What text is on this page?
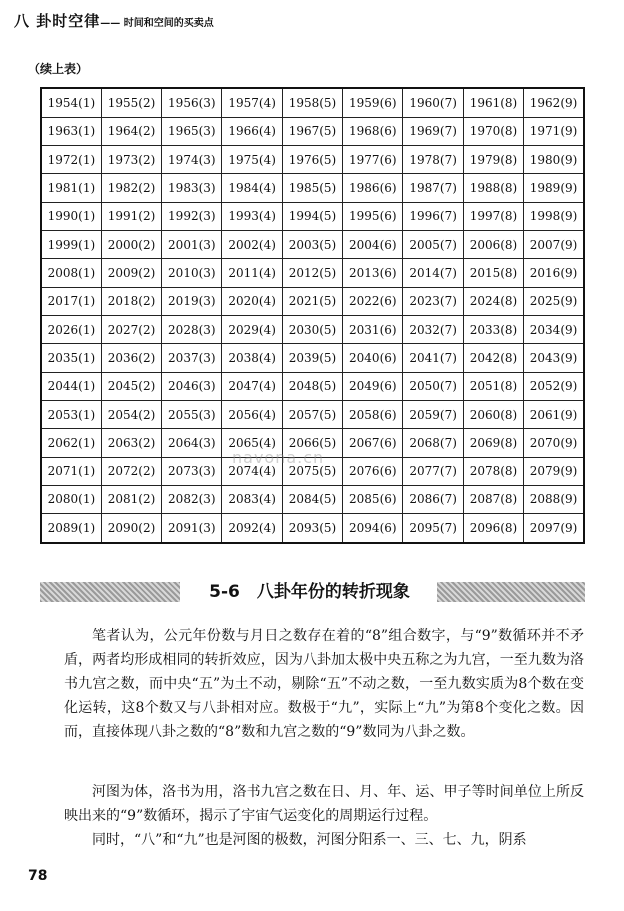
八 卦时空律—— 时间和空间的买卖点
（续上表）
1954(1)	1955(2)	1956(3)	1957(4)	1958(5)	1959(6)	1960(7)	1961(8)	1962(9)
1963(1)	1964(2)	1965(3)	1966(4)	1967(5)	1968(6)	1969(7)	1970(8)	1971(9)
1972(1)	1973(2)	1974(3)	1975(4)	1976(5)	1977(6)	1978(7)	1979(8)	1980(9)
1981(1)	1982(2)	1983(3)	1984(4)	1985(5)	1986(6)	1987(7)	1988(8)	1989(9)
1990(1)	1991(2)	1992(3)	1993(4)	1994(5)	1995(6)	1996(7)	1997(8)	1998(9)
1999(1)	2000(2)	2001(3)	2002(4)	2003(5)	2004(6)	2005(7)	2006(8)	2007(9)
2008(1)	2009(2)	2010(3)	2011(4)	2012(5)	2013(6)	2014(7)	2015(8)	2016(9)
2017(1)	2018(2)	2019(3)	2020(4)	2021(5)	2022(6)	2023(7)	2024(8)	2025(9)
2026(1)	2027(2)	2028(3)	2029(4)	2030(5)	2031(6)	2032(7)	2033(8)	2034(9)
2035(1)	2036(2)	2037(3)	2038(4)	2039(5)	2040(6)	2041(7)	2042(8)	2043(9)
2044(1)	2045(2)	2046(3)	2047(4)	2048(5)	2049(6)	2050(7)	2051(8)	2052(9)
2053(1)	2054(2)	2055(3)	2056(4)	2057(5)	2058(6)	2059(7)	2060(8)	2061(9)
2062(1)	2063(2)	2064(3)	2065(4)	2066(5)	2067(6)	2068(7)	2069(8)	2070(9)
2071(1)	2072(2)	2073(3)	2074(4)	2075(5)	2076(6)	2077(7)	2078(8)	2079(9)
2080(1)	2081(2)	2082(3)	2083(4)	2084(5)	2085(6)	2086(7)	2087(8)	2088(9)
2089(1)	2090(2)	2091(3)	2092(4)	2093(5)	2094(6)	2095(7)	2096(8)	2097(9)
navona.cn
5-6　八卦年份的转折现象

笔者认为，公元年份数与月日之数存在着的“8”组合数字，与“9”数循环并不矛盾，两者均形成相同的转折效应，因为八卦加太极中央五称之为九宫，一至九数为洛书九宫之数，而中央“五”为土不动，剔除“五”不动之数，一至九数实质为8个数在变化运转，这8个数又与八卦相对应。数极于“九”，实际上“九”为第8个变化之数。因而，直接体现八卦之数的“8”数和九宫之数的“9”数同为八卦之数。

河图为体，洛书为用，洛书九宫之数在日、月、年、运、甲子等时间单位上所反映出来的“9”数循环，揭示了宇宙气运变化的周期运行过程。

同时，“八”和“九”也是河图的极数，河图分阳系一、三、七、九，阴系

78
